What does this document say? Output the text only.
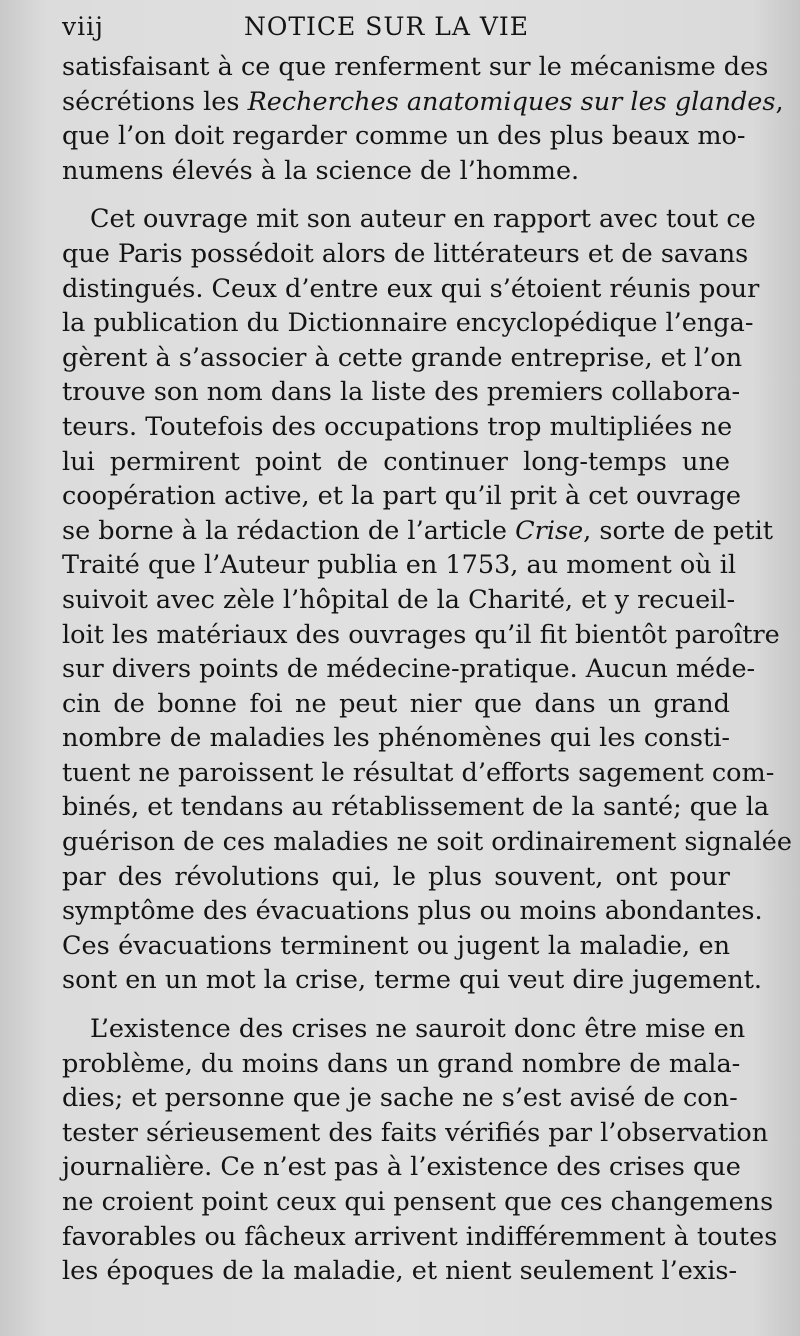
viij	NOTICE SUR LA VIE
satisfaisant à ce que renferment sur le mécanisme des
sécrétions les Recherches anatomiques sur les glandes,
que l’on doit regarder comme un des plus beaux mo-
numens élevés à la science de l’homme.
Cet ouvrage mit son auteur en rapport avec tout ce
que Paris possédoit alors de littérateurs et de savans
distingués. Ceux d’entre eux qui s’étoient réunis pour
la publication du Dictionnaire encyclopédique l’enga-
gèrent à s’associer à cette grande entreprise, et l’on
trouve son nom dans la liste des premiers collabora-
teurs. Toutefois des occupations trop multipliées ne
lui permirent point de continuer long-temps une
coopération active, et la part qu’il prit à cet ouvrage
se borne à la rédaction de l’article Crise, sorte de petit
Traité que l’Auteur publia en 1753, au moment où il
suivoit avec zèle l’hôpital de la Charité, et y recueil-
loit les matériaux des ouvrages qu’il fit bientôt paroître
sur divers points de médecine-pratique. Aucun méde-
cin de bonne foi ne peut nier que dans un grand
nombre de maladies les phénomènes qui les consti-
tuent ne paroissent le résultat d’efforts sagement com-
binés, et tendans au rétablissement de la santé; que la
guérison de ces maladies ne soit ordinairement signalée
par des révolutions qui, le plus souvent, ont pour
symptôme des évacuations plus ou moins abondantes.
Ces évacuations terminent ou jugent la maladie, en
sont en un mot la crise, terme qui veut dire jugement.
L’existence des crises ne sauroit donc être mise en
problème, du moins dans un grand nombre de mala-
dies; et personne que je sache ne s’est avisé de con-
tester sérieusement des faits vérifiés par l’observation
journalière. Ce n’est pas à l’existence des crises que
ne croient point ceux qui pensent que ces changemens
favorables ou fâcheux arrivent indifféremment à toutes
les époques de la maladie, et nient seulement l’exis-
